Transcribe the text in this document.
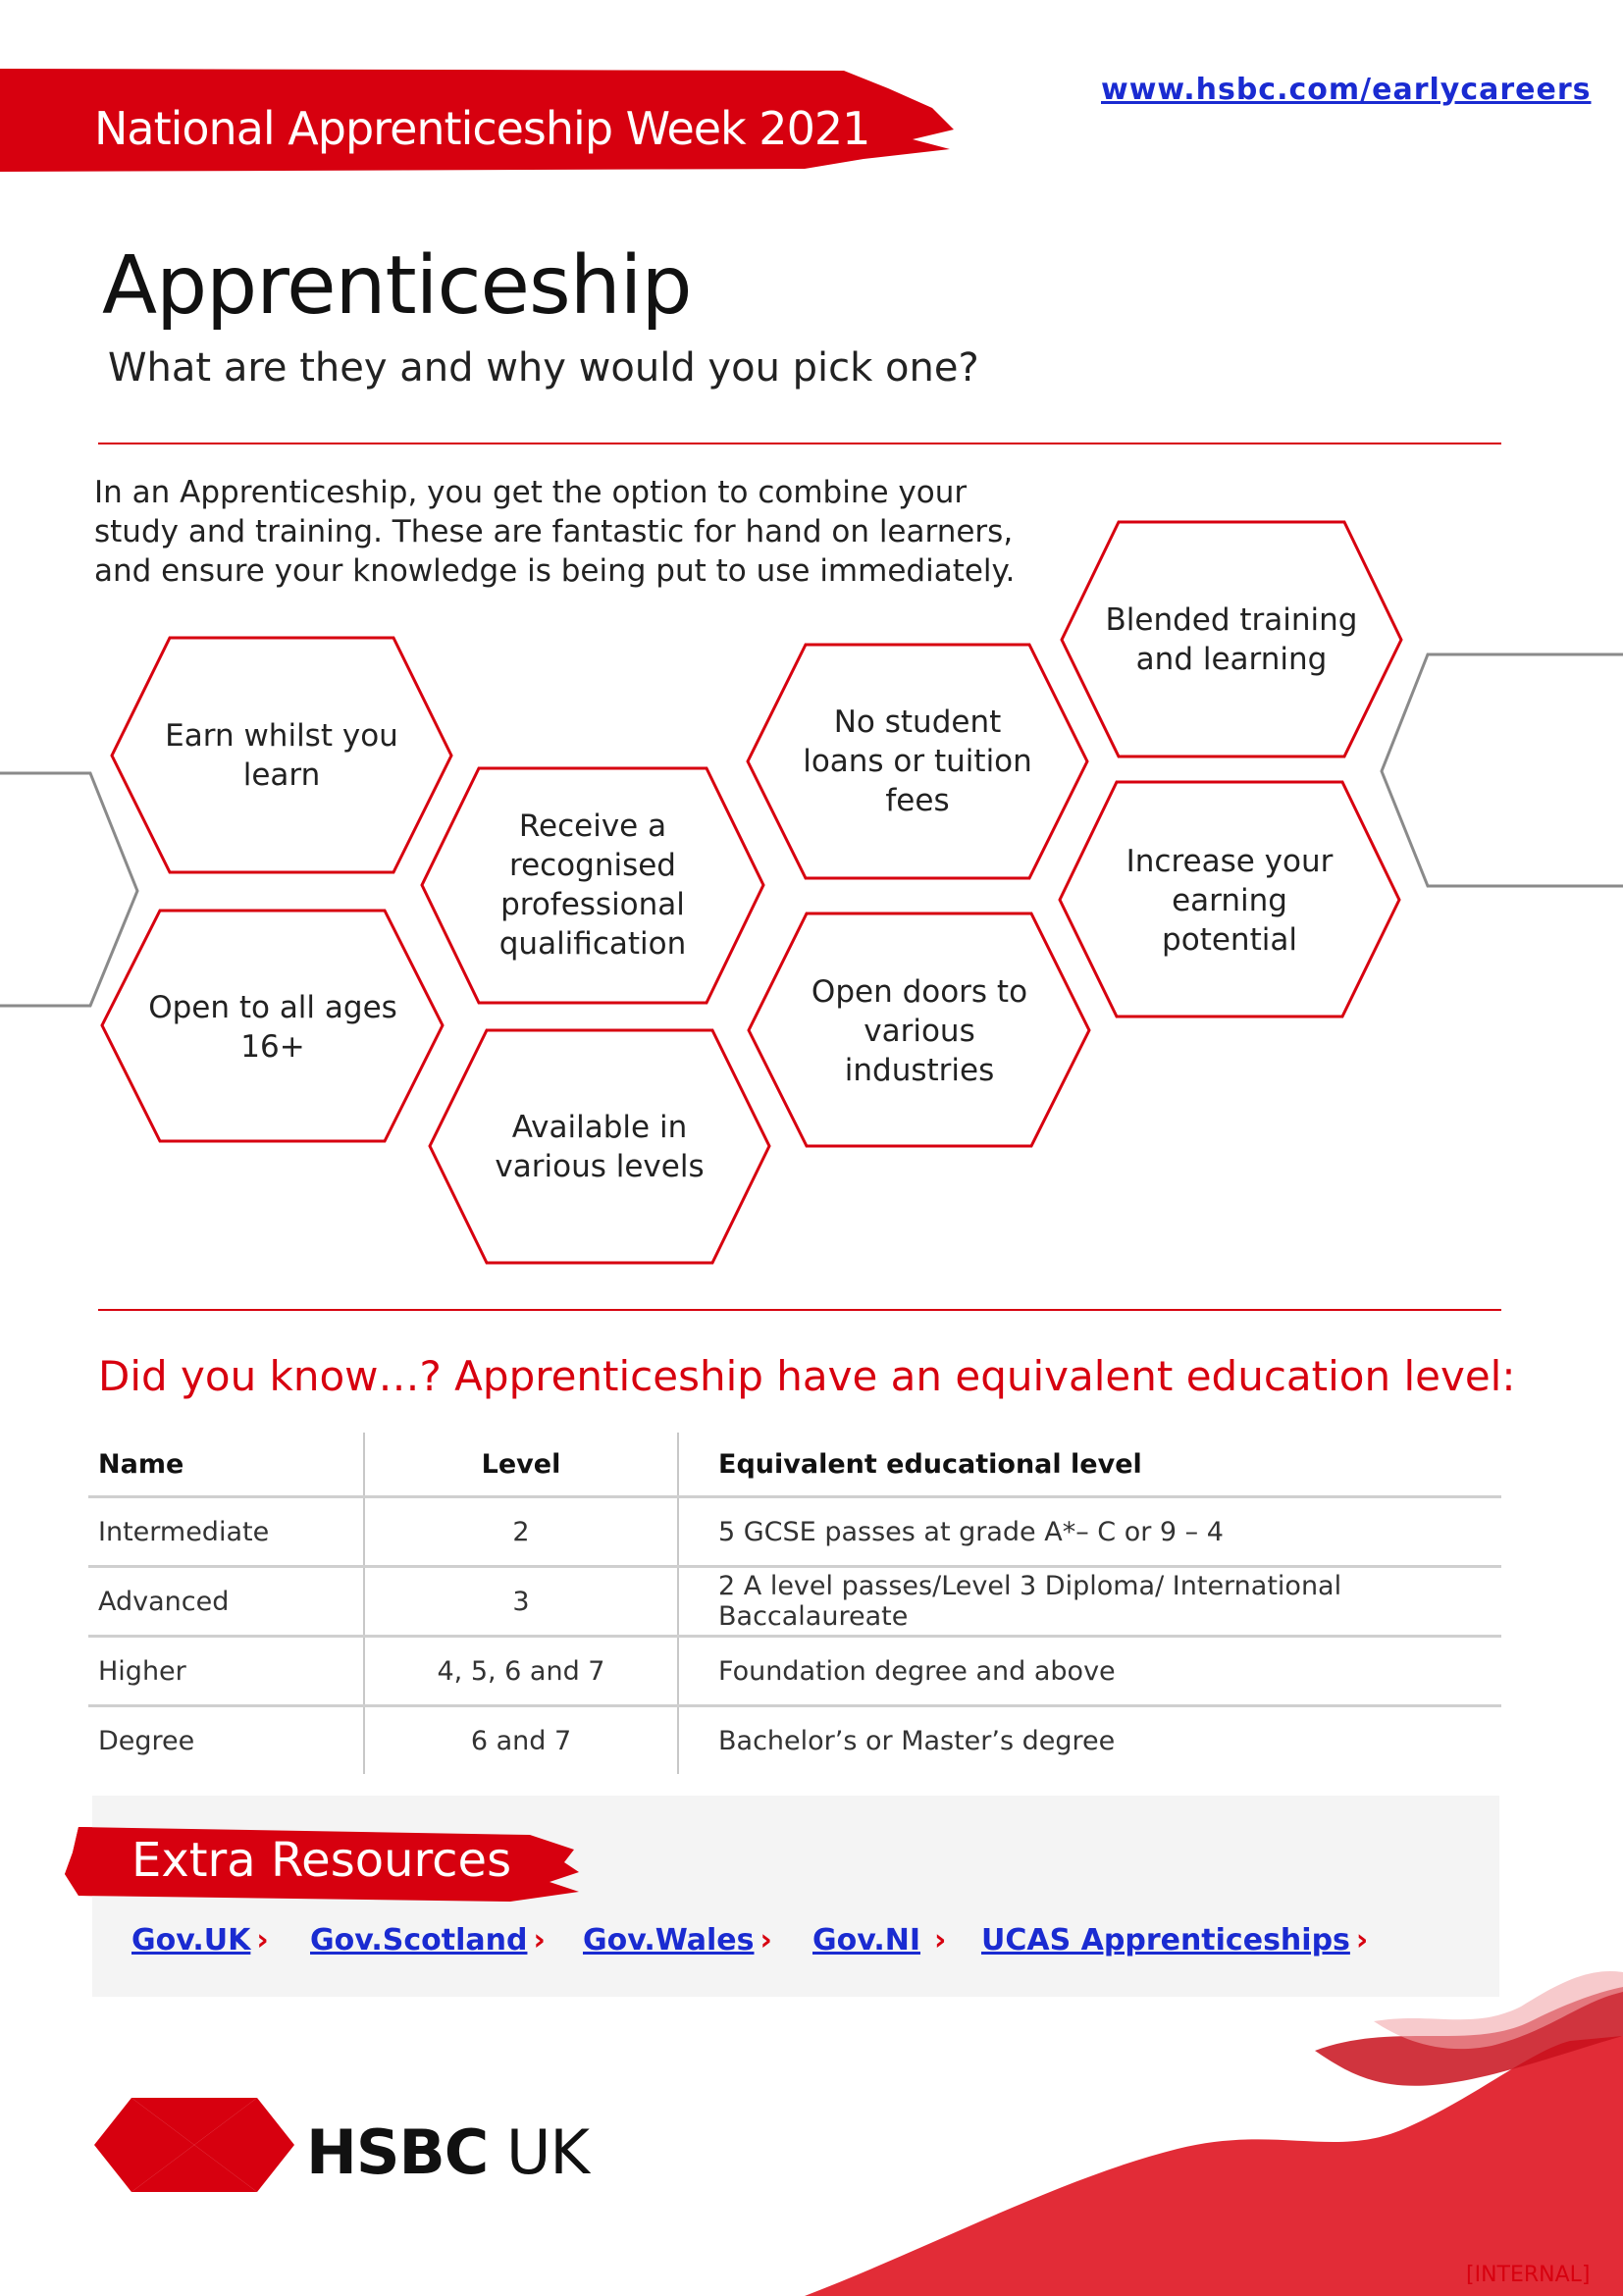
National Apprenticeship Week 2021
www.hsbc.com/earlycareers
Apprenticeship
What are they and why would you pick one?
In an Apprenticeship, you get the option to combine your study and training. These are fantastic for hand on learners, and ensure your knowledge is being put to use immediately.
Earn whilst you learn
Open to all ages 16+
Receive a recognised professional qualification
Available in various levels
No student loans or tuition fees
Open doors to various industries
Blended training and learning
Increase your earning potential
Did you know…? Apprenticeship have an equivalent education level:
Name	Level	Equivalent educational level
Intermediate	2	5 GCSE passes at grade A*– C or 9 – 4
Advanced	3	2 A level passes/Level 3 Diploma/ International Baccalaureate
Higher	4, 5, 6 and 7	Foundation degree and above
Degree	6 and 7	Bachelor’s or Master’s degree
Extra Resources
Gov.UK › Gov.Scotland › Gov.Wales › Gov.NI › UCAS Apprenticeships ›
HSBC UK
[INTERNAL]
